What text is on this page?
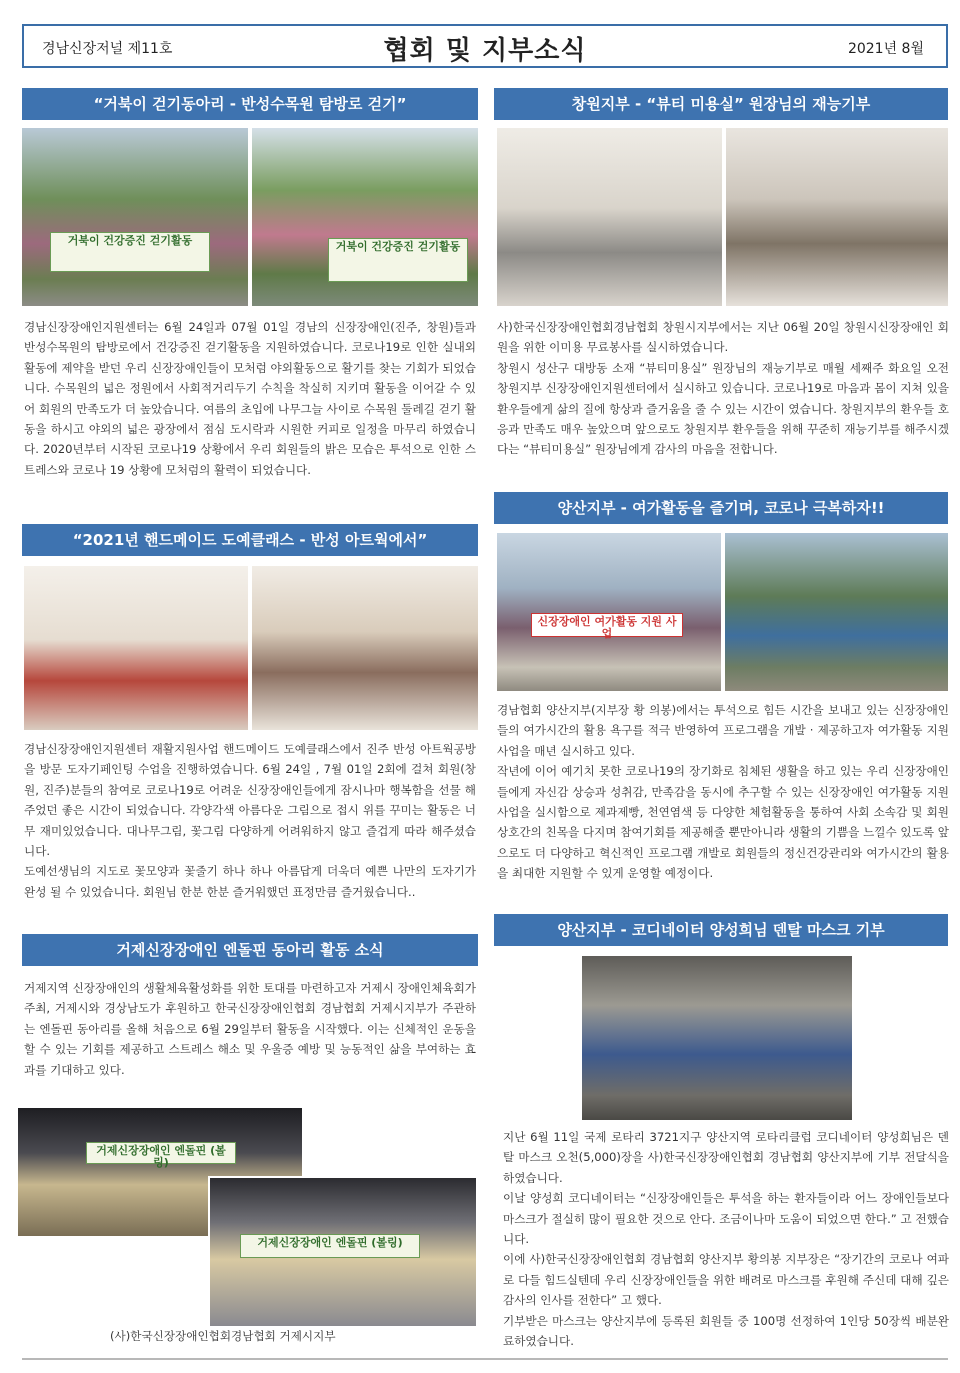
경남신장저널 제11호	협회 및 지부소식	2021년 8월
“거북이 걷기동아리 - 반성수목원 탐방로 걷기”
거북이 건강증진 걷기활동	거북이 건강증진 걷기활동
경남신장장애인지원센터는 6월 24일과 07월 01일 경남의 신장장애인(진주, 창원)들과 반성수목원의 탐방로에서 건강증진 걷기활동을 지원하였습니다. 코로나19로 인한 실내외 활동에 제약을 받던 우리 신장장애인들이 모처럼 야외활동으로 활기를 찾는 기회가 되었습니다. 수목원의 넓은 정원에서 사회적거리두기 수칙을 착실히 지키며 활동을 이어갈 수 있어 회원의 만족도가 더 높았습니다. 여름의 초입에 나무그늘 사이로 수목원 둘레길 걷기 활동을 하시고 야외의 넓은 광장에서 점심 도시락과 시원한 커피로 일정을 마무리 하였습니다. 2020년부터 시작된 코로나19 상황에서 우리 회원들의 밝은 모습은 투석으로 인한 스트레스와 코로나 19 상황에 모처럼의 활력이 되었습니다.
“2021년 핸드메이드 도예클래스 - 반성 아트웍에서”
경남신장장애인지원센터 재활지원사업 핸드메이드 도예클래스에서 진주 반성 아트웍공방을 방문 도자기페인팅 수업을 진행하였습니다. 6월 24일 , 7월 01일 2회에 걸쳐 회원(창원, 진주)분들의 참여로 코로나19로 어려운 신장장애인들에게 잠시나마 행복함을 선물 해주었던 좋은 시간이 되었습니다. 각양각색 아름다운 그림으로 접시 위를 꾸미는 활동은 너무 재미있었습니다. 대나무그림, 꽃그림 다양하게 어려워하지 않고 즐겁게 따라 해주셨습니다.
도예선생님의 지도로 꽃모양과 꽃줄기 하나 하나 아름답게 더욱더 예쁜 나만의 도자기가 완성 될 수 있었습니다. 회원님 한분 한분 즐거워했던 표정만큼 즐거웠습니다..
거제신장장애인 엔돌핀 동아리 활동 소식
거제지역 신장장애인의 생활체육활성화를 위한 토대를 마련하고자 거제시 장애인체육회가 주최, 거제시와 경상남도가 후원하고 한국신장장애인협회 경남협회 거제시지부가 주관하는 엔돌핀 동아리를 올해 처음으로 6월 29일부터 활동을 시작했다. 이는 신체적인 운동을 할 수 있는 기회를 제공하고 스트레스 해소 및 우울증 예방 및 능동적인 삶을 부여하는 효과를 기대하고 있다.
거제신장장애인 엔돌핀 (볼링)
거제신장장애인 엔돌핀 (볼링)
(사)한국신장장애인협회경남협회 거제시지부
창원지부 - “뷰티 미용실” 원장님의 재능기부
사)한국신장장애인협회경남협회 창원시지부에서는 지난 06월 20일 창원시신장장애인 회원을 위한 이미용 무료봉사를 실시하였습니다.
창원시 성산구 대방동 소재 “뷰티미용실” 원장님의 재능기부로 매월 세째주 화요일 오전 창원지부 신장장애인지원센터에서 실시하고 있습니다. 코로나19로 마음과 몸이 지쳐 있을 환우들에게 삶의 질에 항상과 즐거움을 줄 수 있는 시간이 였습니다. 창원지부의 환우들 호응과 만족도 매우 높았으며 앞으로도 창원지부 환우들을 위해 꾸준히 재능기부를 해주시겠다는 “뷰티미용실” 원장님에게 감사의 마음을 전합니다.
양산지부 - 여가활동을 즐기며, 코로나 극복하자!!
신장장애인 여가활동 지원 사업
경남협회 양산지부(지부장 황 의봉)에서는 투석으로 힘든 시간을 보내고 있는 신장장애인들의 여가시간의 활용 욕구를 적극 반영하여 프로그램을 개발 · 제공하고자 여가활동 지원사업을 매년 실시하고 있다.
작년에 이어 예기치 못한 코로나19의 장기화로 침체된 생활을 하고 있는 우리 신장장애인들에게 자신감 상승과 성취감, 만족감을 동시에 추구할 수 있는 신장장애인 여가활동 지원사업을 실시함으로 제과제빵, 천연염색 등 다양한 체험활동을 통하여 사회 소속감 및 회원 상호간의 친목을 다지며 참여기회를 제공해줄 뿐만아니라 생활의 기쁨을 느낄수 있도록 앞으로도 더 다양하고 혁신적인 프로그램 개발로 회원들의 정신건강관리와 여가시간의 활용을 최대한 지원할 수 있게 운영할 예정이다.
양산지부 - 코디네이터 양성희님 덴탈 마스크 기부
지난 6월 11일 국제 로타리 3721지구 양산지역 로타리클럽 코디네이터 양성희님은 덴탈 마스크 오천(5,000)장을 사)한국신장장애인협회 경남협회 양산지부에 기부 전달식을 하였습니다.
이날 양성희 코디네이터는 “신장장애인들은 투석을 하는 환자들이라 어느 장애인들보다 마스크가 절실히 많이 필요한 것으로 안다. 조금이나마 도움이 되었으면 한다.” 고 전했습니다.
이에 사)한국신장장애인협회 경남협회 양산지부 황의봉 지부장은 “장기간의 코로나 여파로 다들 힘드실텐데 우리 신장장애인들을 위한 배려로 마스크를 후원해 주신데 대해 깊은 감사의 인사를 전한다” 고 했다.
기부받은 마스크는 양산지부에 등록된 회원들 중 100명 선정하여 1인당 50장씩 배분완료하였습니다.
